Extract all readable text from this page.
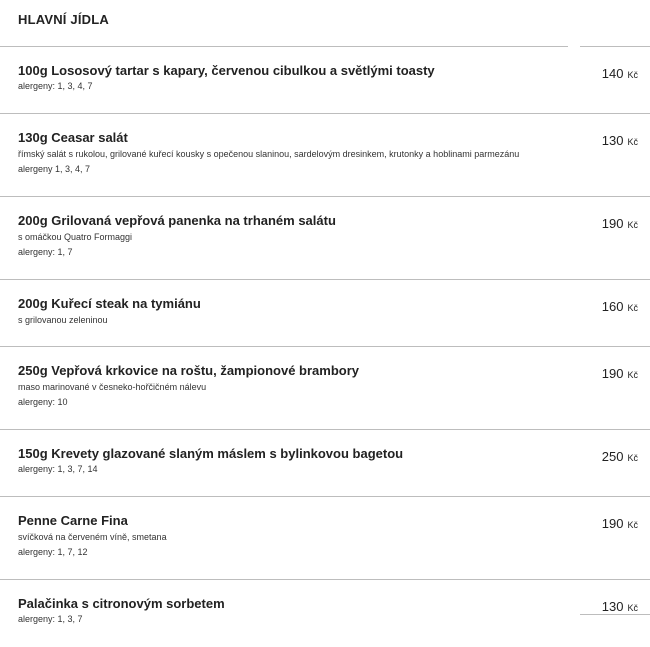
HLAVNÍ JÍDLA
100g Lososový tartar s kapary, červenou cibulkou a světlými toasty
alergeny: 1, 3, 4, 7
140 Kč
130g Ceasar salát
římský salát s rukolou, grilované kuřecí kousky s opečenou slaninou, sardelovým dresinkem, krutonky a hoblinami parmezánu
alergeny 1, 3, 4, 7
130 Kč
200g Grilovaná vepřová panenka na trhaném salátu
s omáčkou Quatro Formaggi
alergeny: 1, 7
190 Kč
200g Kuřecí steak na tymiánu
s grilovanou zeleninou
160 Kč
250g Vepřová krkovice na roštu, žampionové brambory
maso marinované v česneko-hořčičném nálevu
alergeny: 10
190 Kč
150g Krevety glazované slaným máslem s bylinkovou bagetou
alergeny: 1, 3, 7, 14
250 Kč
Penne Carne Fina
svíčková na červeném víně, smetana
alergeny: 1, 7, 12
190 Kč
Palačinka s citronovým sorbetem
alergeny: 1, 3, 7
130 Kč
